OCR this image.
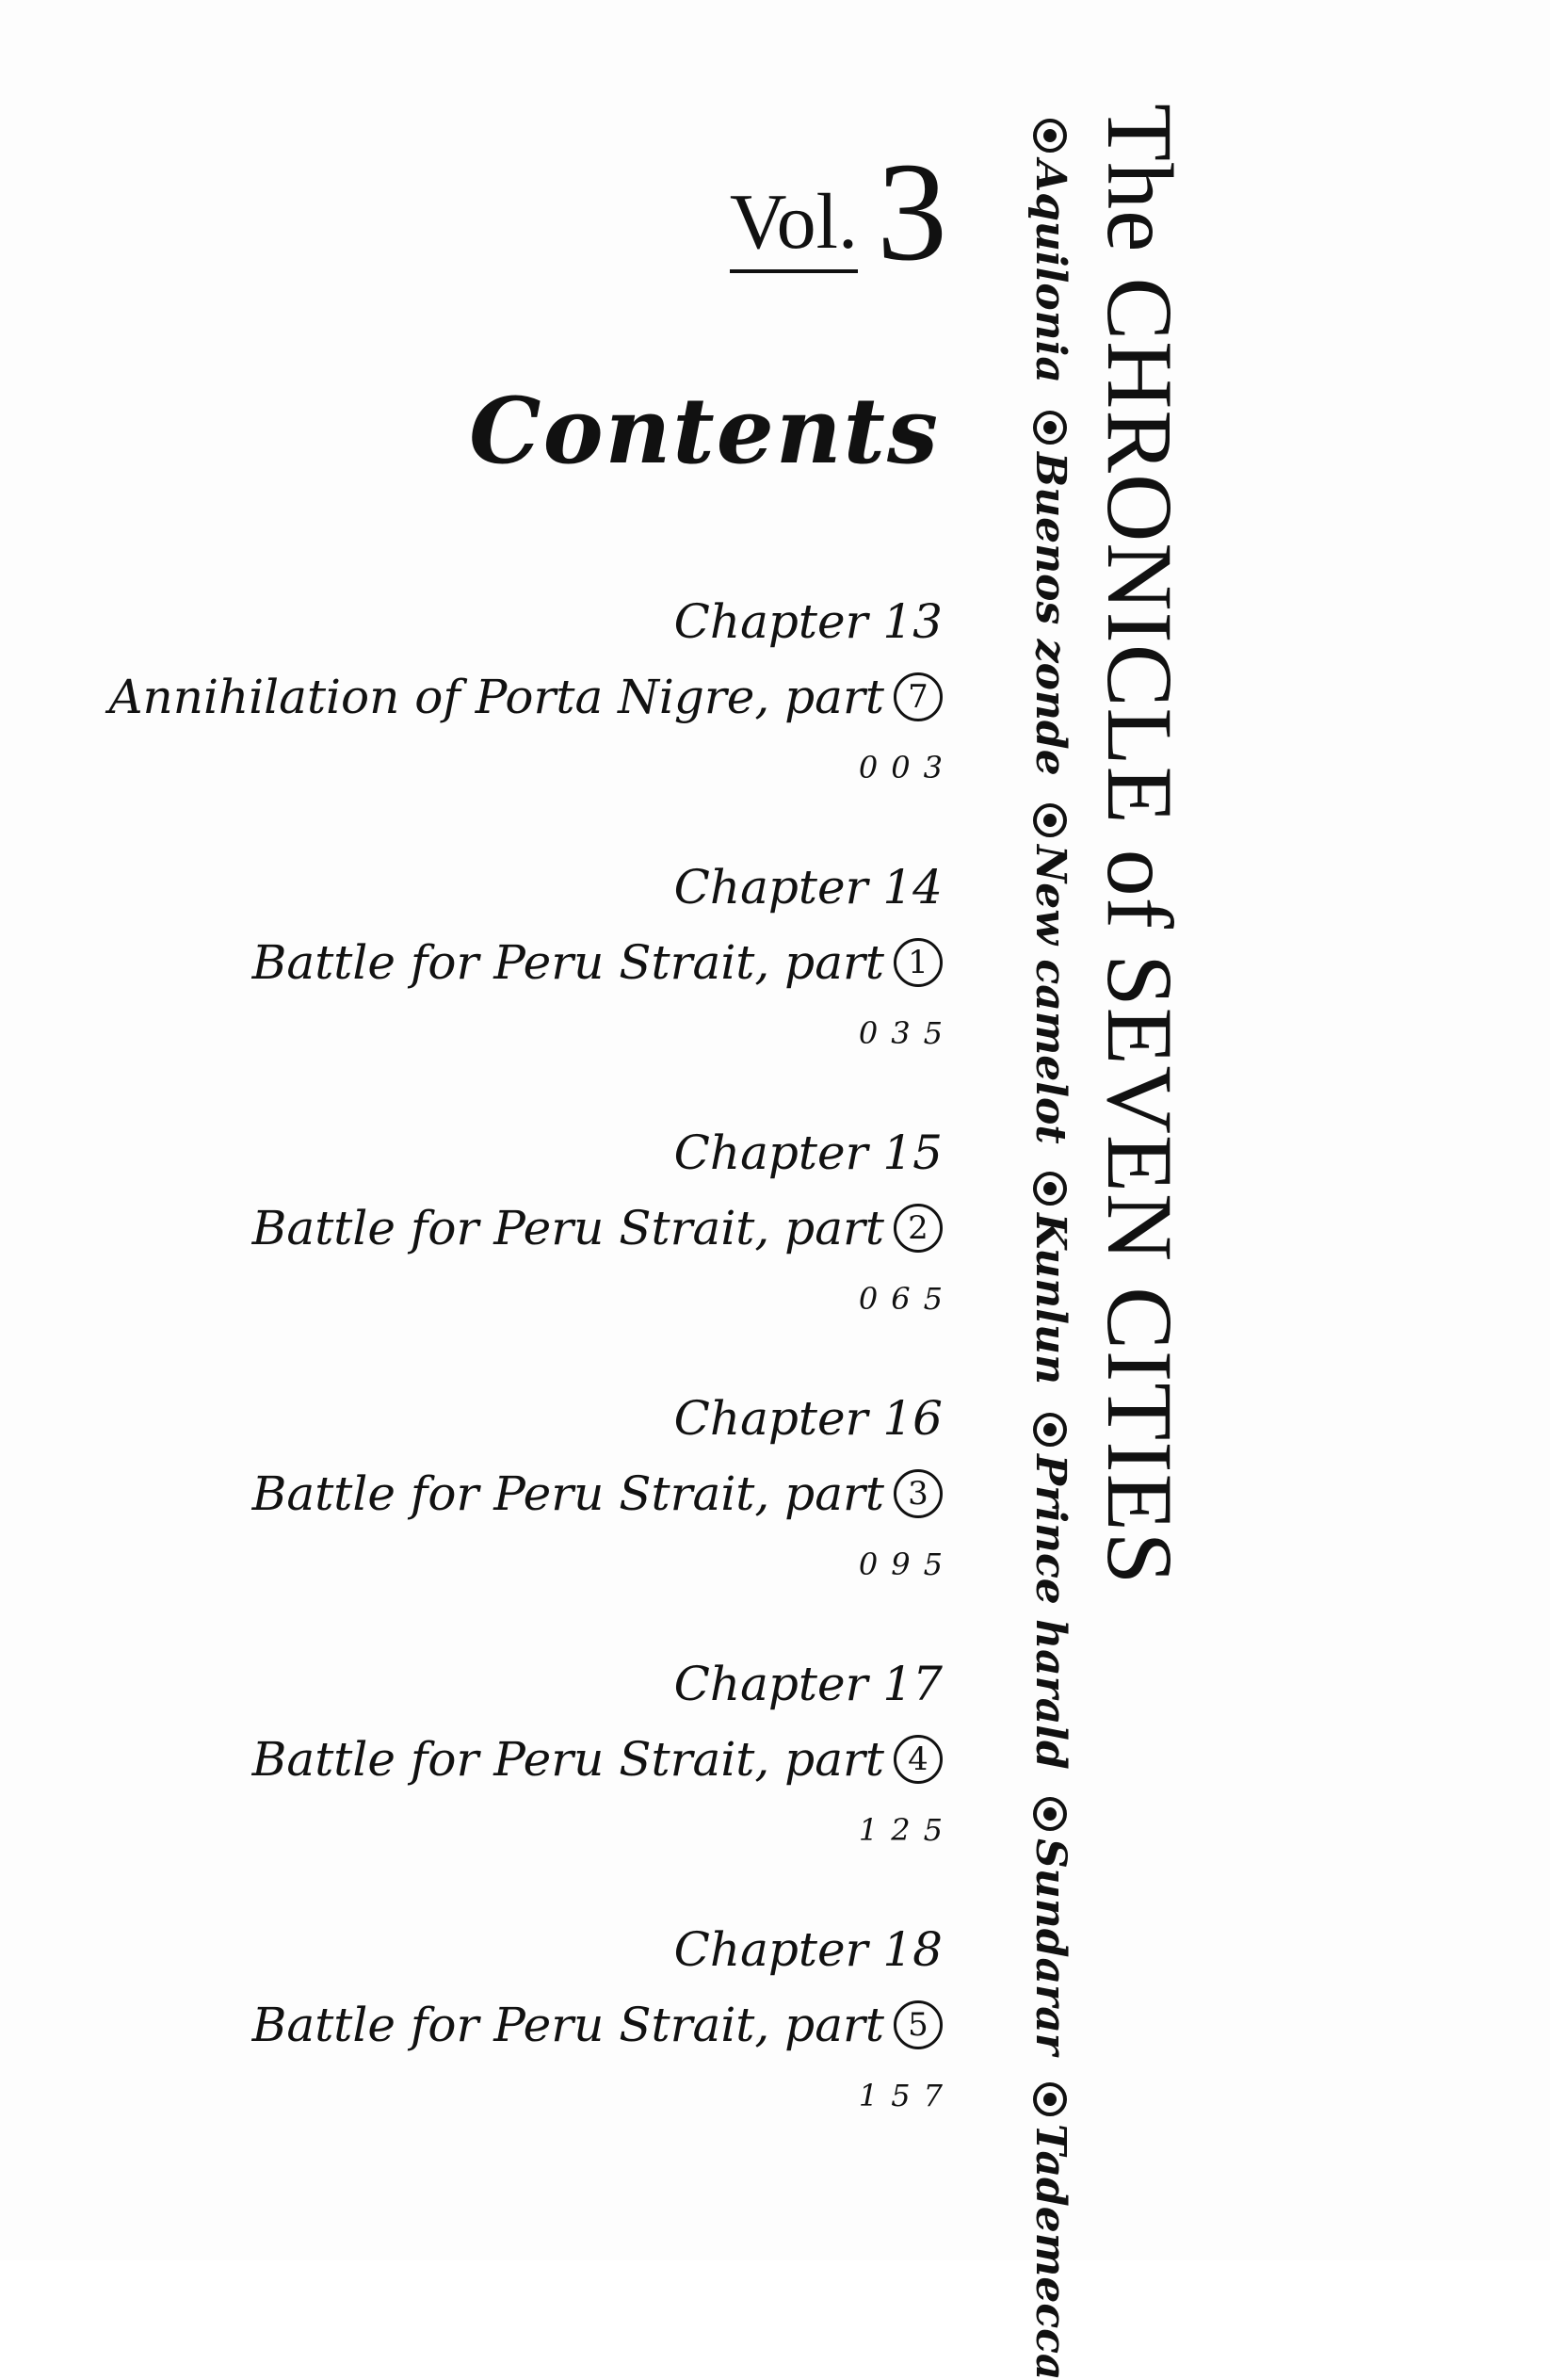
Vol. 3
Contents
Chapter 13
Annihilation of Porta Nigre, part 7
003
Chapter 14
Battle for Peru Strait, part 1
035
Chapter 15
Battle for Peru Strait, part 2
065
Chapter 16
Battle for Peru Strait, part 3
095
Chapter 17
Battle for Peru Strait, part 4
125
Chapter 18
Battle for Peru Strait, part 5
157
The CHRONICLE of SEVEN CITIES
Aquilonia Buenos zonde New camelot Kunlun Prince harald Sundarar Tademecca
